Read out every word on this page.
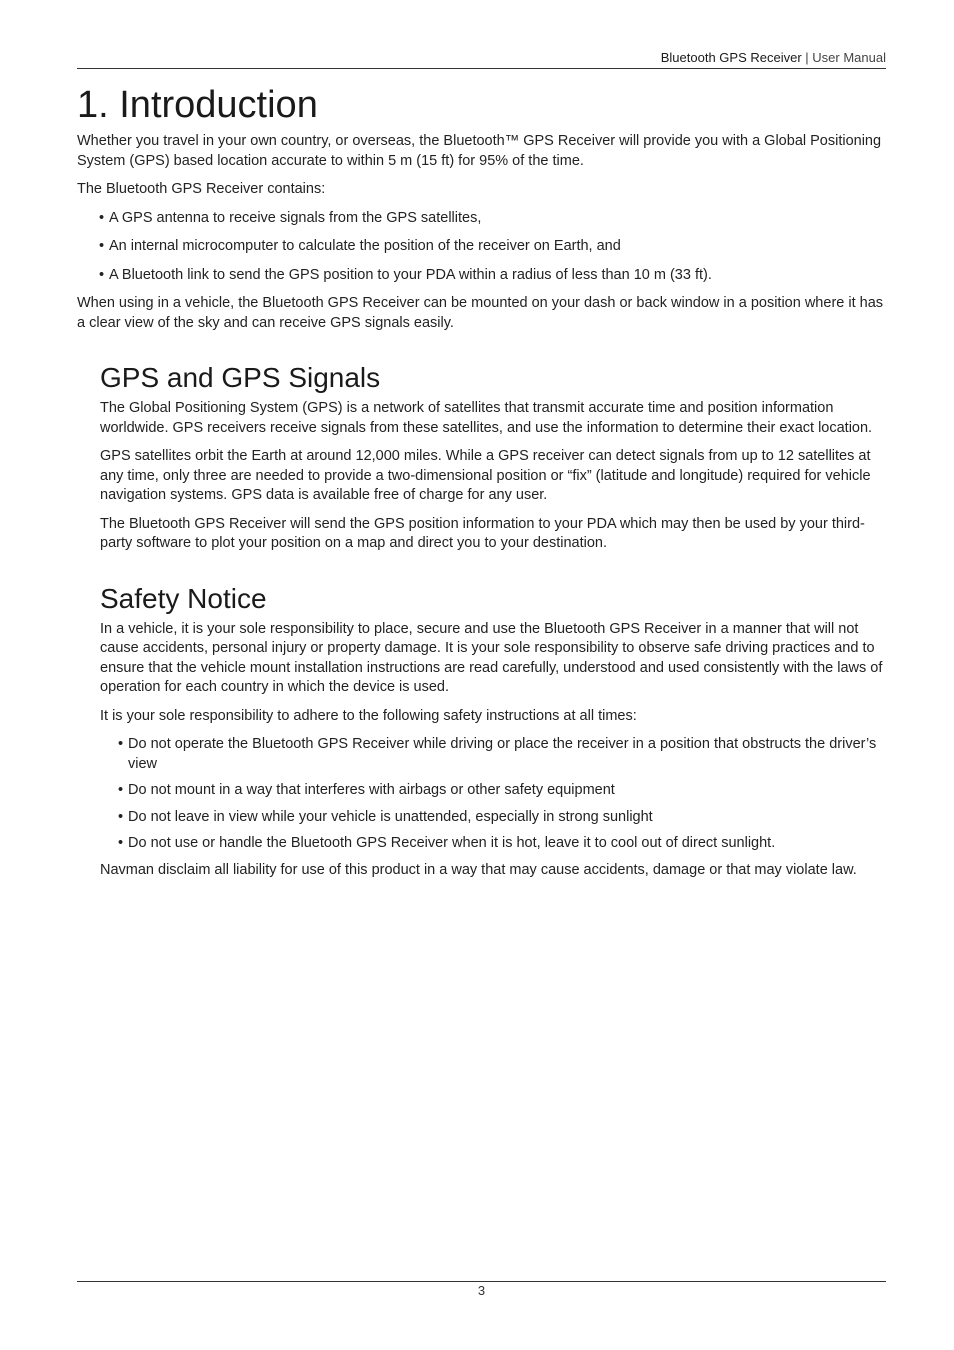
Bluetooth GPS Receiver | User Manual
1. Introduction

Whether you travel in your own country, or overseas, the Bluetooth™ GPS Receiver will provide you with a Global Positioning System (GPS) based location accurate to within 5 m (15 ft) for 95% of the time.

The Bluetooth GPS Receiver contains:

• A GPS antenna to receive signals from the GPS satellites,
• An internal microcomputer to calculate the position of the receiver on Earth, and
• A Bluetooth link to send the GPS position to your PDA within a radius of less than 10 m (33 ft).

When using in a vehicle, the Bluetooth GPS Receiver can be mounted on your dash or back window in a position where it has a clear view of the sky and can receive GPS signals easily.

GPS and GPS Signals

The Global Positioning System (GPS) is a network of satellites that transmit accurate time and position information worldwide. GPS receivers receive signals from these satellites, and use the information to determine their exact location.

GPS satellites orbit the Earth at around 12,000 miles. While a GPS receiver can detect signals from up to 12 satellites at any time, only three are needed to provide a two-dimensional position or “fix” (latitude and longitude) required for vehicle navigation systems. GPS data is available free of charge for any user.

The Bluetooth GPS Receiver will send the GPS position information to your PDA which may then be used by your third-party software to plot your position on a map and direct you to your destination.

Safety Notice

In a vehicle, it is your sole responsibility to place, secure and use the Bluetooth GPS Receiver in a manner that will not cause accidents, personal injury or property damage. It is your sole responsibility to observe safe driving practices and to ensure that the vehicle mount installation instructions are read carefully, understood and used consistently with the laws of operation for each country in which the device is used.

It is your sole responsibility to adhere to the following safety instructions at all times:

• Do not operate the Bluetooth GPS Receiver while driving or place the receiver in a position that obstructs the driver’s view
• Do not mount in a way that interferes with airbags or other safety equipment
• Do not leave in view while your vehicle is unattended, especially in strong sunlight
• Do not use or handle the Bluetooth GPS Receiver when it is hot, leave it to cool out of direct sunlight.

Navman disclaim all liability for use of this product in a way that may cause accidents, damage or that may violate law.

3
